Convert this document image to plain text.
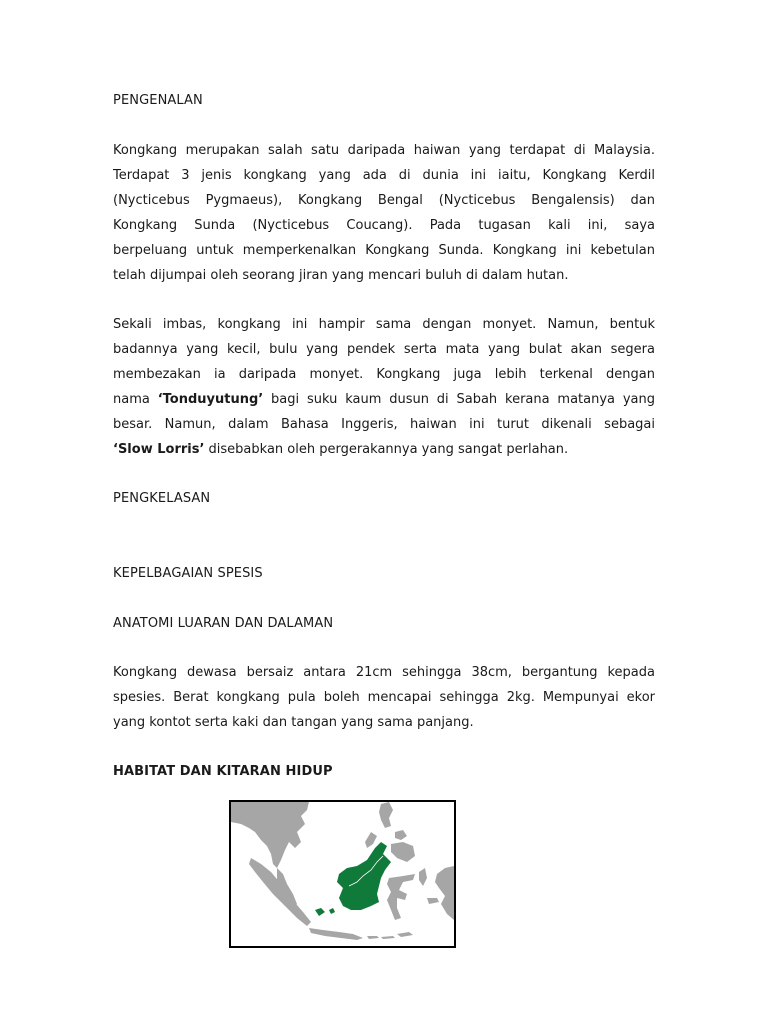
PENGENALAN

Kongkang merupakan salah satu daripada haiwan yang terdapat di Malaysia.

Terdapat 3 jenis kongkang yang ada di dunia ini iaitu, Kongkang Kerdil

(Nycticebus Pygmaeus), Kongkang Bengal (Nycticebus Bengalensis) dan

Kongkang Sunda (Nycticebus Coucang). Pada tugasan kali ini, saya

berpeluang untuk memperkenalkan Kongkang Sunda. Kongkang ini kebetulan

telah dijumpai oleh seorang jiran yang mencari buluh di dalam hutan.

Sekali imbas, kongkang ini hampir sama dengan monyet. Namun, bentuk

badannya yang kecil, bulu yang pendek serta mata yang bulat akan segera

membezakan ia daripada monyet. Kongkang juga lebih terkenal dengan

nama ‘Tonduyutung’ bagi suku kaum dusun di Sabah kerana matanya yang

besar. Namun, dalam Bahasa Inggeris, haiwan ini turut dikenali sebagai

‘Slow Lorris’ disebabkan oleh pergerakannya yang sangat perlahan.

PENGKELASAN
KEPELBAGAIAN SPESIS
ANATOMI LUARAN DAN DALAMAN

Kongkang dewasa bersaiz antara 21cm sehingga 38cm, bergantung kepada

spesies. Berat kongkang pula boleh mencapai sehingga 2kg. Mempunyai ekor

yang kontot serta kaki dan tangan yang sama panjang.

HABITAT DAN KITARAN HIDUP
